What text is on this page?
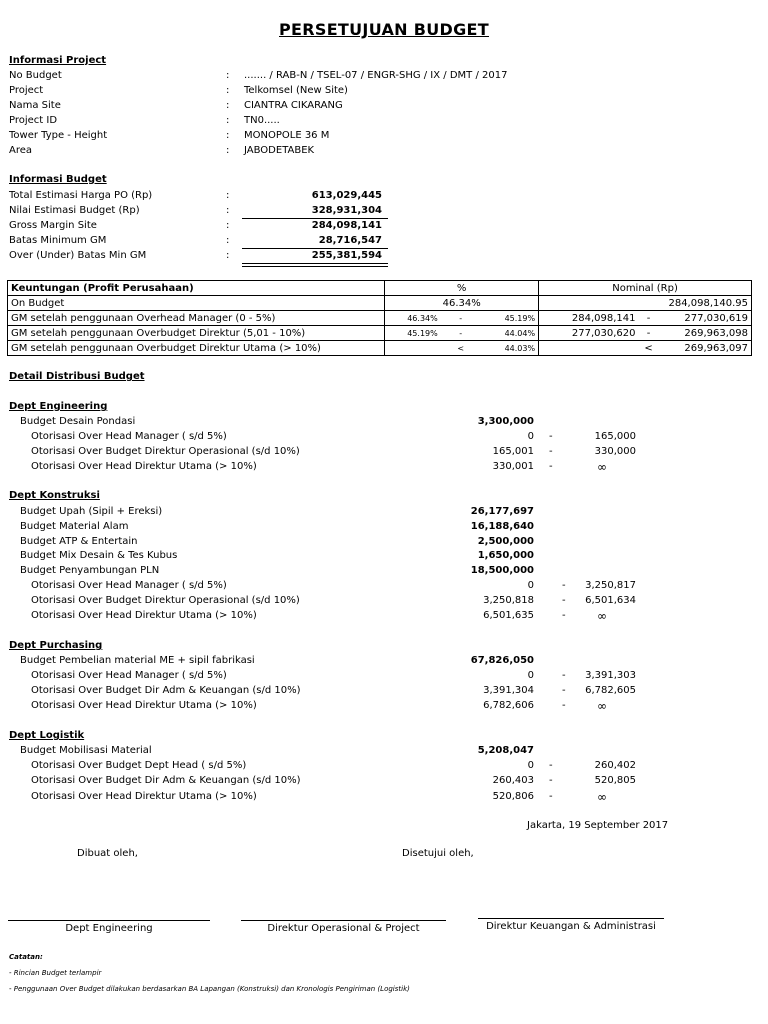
PERSETUJUAN BUDGET
Informasi Project
No Budget	: ....... / RAB-N / TSEL-07 / ENGR-SHG / IX / DMT / 2017
Project	: Telkomsel (New Site)
Nama Site	: CIANTRA CIKARANG
Project ID	: TN0.....
Tower Type - Height	: MONOPOLE 36 M
Area	: JABODETABEK
Informasi Budget
Total Estimasi Harga PO (Rp)	:	613,029,445
Nilai Estimasi Budget (Rp)	:	328,931,304
Gross Margin Site	:	284,098,141
Batas Minimum GM	:	28,716,547
Over (Under) Batas Min GM	:	255,381,594
Keuntungan (Profit Perusahaan)	%			Nominal (Rp)		
On Budget	46.34%			284,098,140.95		
GM setelah penggunaan Overhead Manager (0 - 5%)	46.34%	-	45.19%	284,098,141	-	277,030,619
GM setelah penggunaan Overbudget Direktur (5,01 - 10%)	45.19%	-	44.04%	277,030,620	-	269,963,098
GM setelah penggunaan Overbudget Direktur Utama (> 10%)		<	44.03%		<	269,963,097
Detail Distribusi Budget
Dept Engineering
Budget Desain Pondasi	3,300,000
Otorisasi Over Head Manager ( s/d 5%)	0 -	165,000
Otorisasi Over Budget Direktur Operasional (s/d 10%)	165,001 -	330,000
Otorisasi Over Head Direktur Utama (> 10%)	330,001 -	∞
Dept Konstruksi
Budget Upah (Sipil + Ereksi)	26,177,697
Budget Material Alam	16,188,640
Budget ATP & Entertain	2,500,000
Budget Mix Desain & Tes Kubus	1,650,000
Budget Penyambungan PLN	18,500,000
Otorisasi Over Head Manager ( s/d 5%)	0	-	3,250,817
Otorisasi Over Budget Direktur Operasional (s/d 10%)	3,250,818	-	6,501,634
Otorisasi Over Head Direktur Utama (> 10%)	6,501,635	-	∞
Dept Purchasing
Budget Pembelian material ME + sipil fabrikasi	67,826,050
Otorisasi Over Head Manager ( s/d 5%)	0	-	3,391,303
Otorisasi Over Budget Dir Adm & Keuangan (s/d 10%)	3,391,304	-	6,782,605
Otorisasi Over Head Direktur Utama (> 10%)	6,782,606	-	∞
Dept Logistik
Budget Mobilisasi Material	5,208,047
Otorisasi Over Budget Dept Head ( s/d 5%)	0 -	260,402
Otorisasi Over Budget Dir Adm & Keuangan (s/d 10%)	260,403 -	520,805
Otorisasi Over Head Direktur Utama (> 10%)	520,806 -	∞
Jakarta, 19 September 2017
Dibuat oleh,	Disetujui oleh,
Dept Engineering	Direktur Operasional & Project	Direktur Keuangan & Administrasi
Catatan:
- Rincian Budget terlampir
- Penggunaan Over Budget dilakukan berdasarkan BA Lapangan (Konstruksi) dan Kronologis Pengiriman (Logistik)
